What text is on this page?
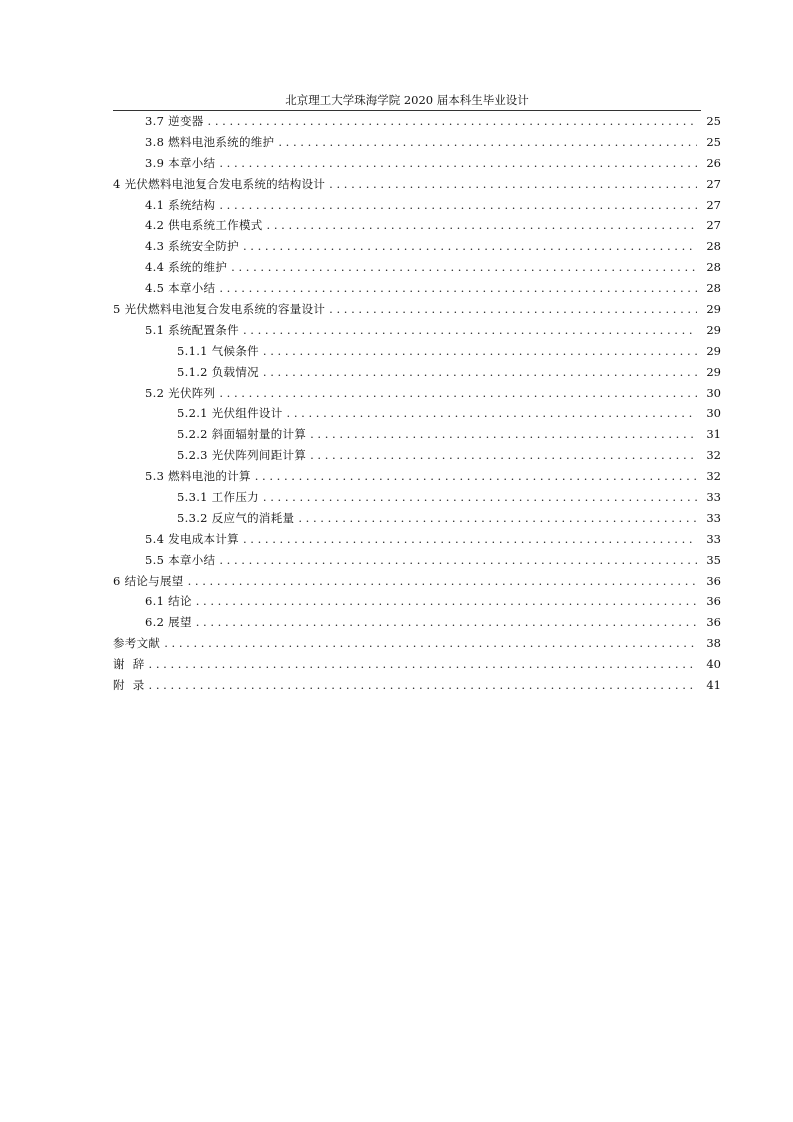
北京理工大学珠海学院 2020 届本科生毕业设计
3.7 逆变器 . . .	25
3.8 燃料电池系统的维护 . . .	25
3.9 本章小结 . . .	26
4 光伏燃料电池复合发电系统的结构设计 . . .	27
4.1 系统结构 . . .	27
4.2 供电系统工作模式 . . .	27
4.3 系统安全防护 . . .	28
4.4 系统的维护 . . .	28
4.5 本章小结 . . .	28
5 光伏燃料电池复合发电系统的容量设计 . . .	29
5.1 系统配置条件 . . .	29
5.1.1 气候条件 . . .	29
5.1.2 负载情况 . . .	29
5.2 光伏阵列 . . .	30
5.2.1 光伏组件设计 . . .	30
5.2.2 斜面辐射量的计算 . . .	31
5.2.3 光伏阵列间距计算 . . .	32
5.3 燃料电池的计算 . . .	32
5.3.1 工作压力 . . .	33
5.3.2 反应气的消耗量 . . .	33
5.4 发电成本计算 . . .	33
5.5 本章小结 . . .	35
6 结论与展望 . . .	36
6.1 结论 . . .	36
6.2 展望 . . .	36
参考文献 . . .	38
谢  辞 . . .	40
附  录 . . .	41
